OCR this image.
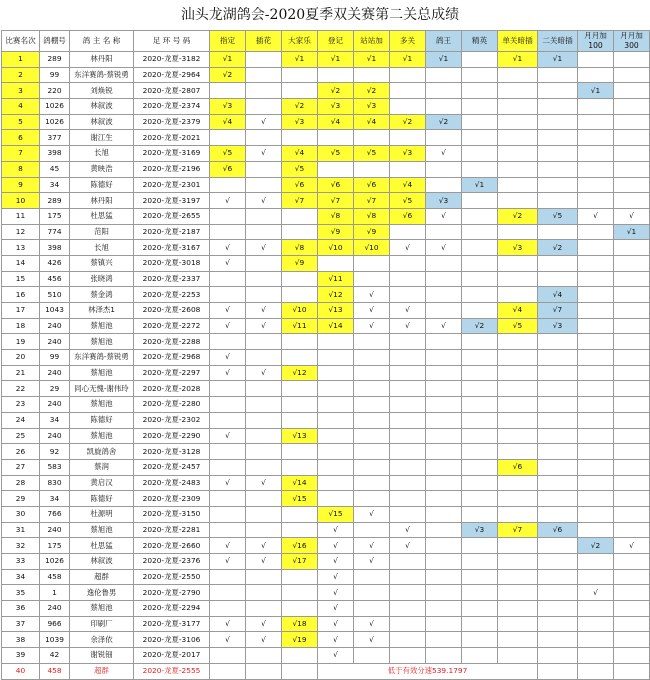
汕头龙湖鸽会-2020夏季双关赛第二关总成绩
比赛名次	鸽棚号	鸽 主 名 称	足 环 号 码	指定	插花	大家乐	登记	站站加	多关	鸽王	精英	单关暗插	二关暗插	月月加100	月月加300
1	289	林丹阳	2020-龙夏-3182	√1		√1	√1	√1	√1	√1		√1	√1		
2	99	东洋赛鸽-蔡锐勇	2020-龙夏-2964	√2											
3	220	刘焕锐	2020-龙夏-2807				√2	√2						√1	
4	1026	林叙波	2020-龙夏-2374	√3		√2	√3	√3							
5	1026	林叙波	2020-龙夏-2379	√4	√	√3	√4	√4	√2	√2					
6	377	谢江生	2020-龙夏-2021												
7	398	长旭	2020-龙夏-3169	√5	√	√4	√5	√5	√3	√					
8	45	黄映浩	2020-龙夏-2196	√6		√5									
9	34	陈德好	2020-龙夏-2301			√6	√6	√6	√4		√1				
10	289	林丹阳	2020-龙夏-3197	√	√	√7	√7	√7	√5	√3					
11	175	杜思猛	2020-龙夏-2655				√8	√8	√6	√		√2	√5	√	√
12	774	范阳	2020-龙夏-2187				√9	√9							√1
13	398	长旭	2020-龙夏-3167	√	√	√8	√10	√10	√	√		√3	√2		
14	426	蔡镇兴	2020-龙夏-3018	√		√9									
15	456	张晓鸿	2020-龙夏-2337				√11								
16	510	蔡金鸿	2020-龙夏-2253				√12	√					√4		
17	1043	林泽杰1	2020-龙夏-2608	√	√	√10	√13	√	√			√4	√7		
18	240	蔡旭池	2020-龙夏-2272	√	√	√11	√14	√	√	√	√2	√5	√3		
19	240	蔡旭池	2020-龙夏-2288												
20	99	东洋赛鸽-蔡锐勇	2020-龙夏-2968	√											
21	240	蔡旭池	2020-龙夏-2297	√	√	√12									
22	29	同心无愧-谢伟玲	2020-龙夏-2028												
23	240	蔡旭池	2020-龙夏-2280												
24	34	陈德好	2020-龙夏-2302												
25	240	蔡旭池	2020-龙夏-2290	√		√13									
26	92	凯旋鸽舍	2020-龙夏-3128												
27	583	蔡润	2020-龙夏-2457									√6			
28	830	黄启汉	2020-龙夏-2483	√	√	√14									
29	34	陈德好	2020-龙夏-2309			√15									
30	766	杜源明	2020-龙夏-3150				√15	√							
31	240	蔡旭池	2020-龙夏-2281				√		√		√3	√7	√6		
32	175	杜思猛	2020-龙夏-2660	√	√	√16	√	√	√					√2	√
33	1026	林叙波	2020-龙夏-2376	√	√	√17	√	√							
34	458	超群	2020-龙夏-2550				√								
35	1	逸伦鲁男	2020-龙夏-2790				√							√	
36	240	蔡旭池	2020-龙夏-2294				√								
37	966	印刷厂	2020-龙夏-3177	√	√	√18	√	√							
38	1039	余泽依	2020-龙夏-3106	√	√	√19	√	√							
39	42	谢锐钿	2020-龙夏-2017				√								
40	458	超群	2020-龙夏-2555				低于有效分速539.1797								
